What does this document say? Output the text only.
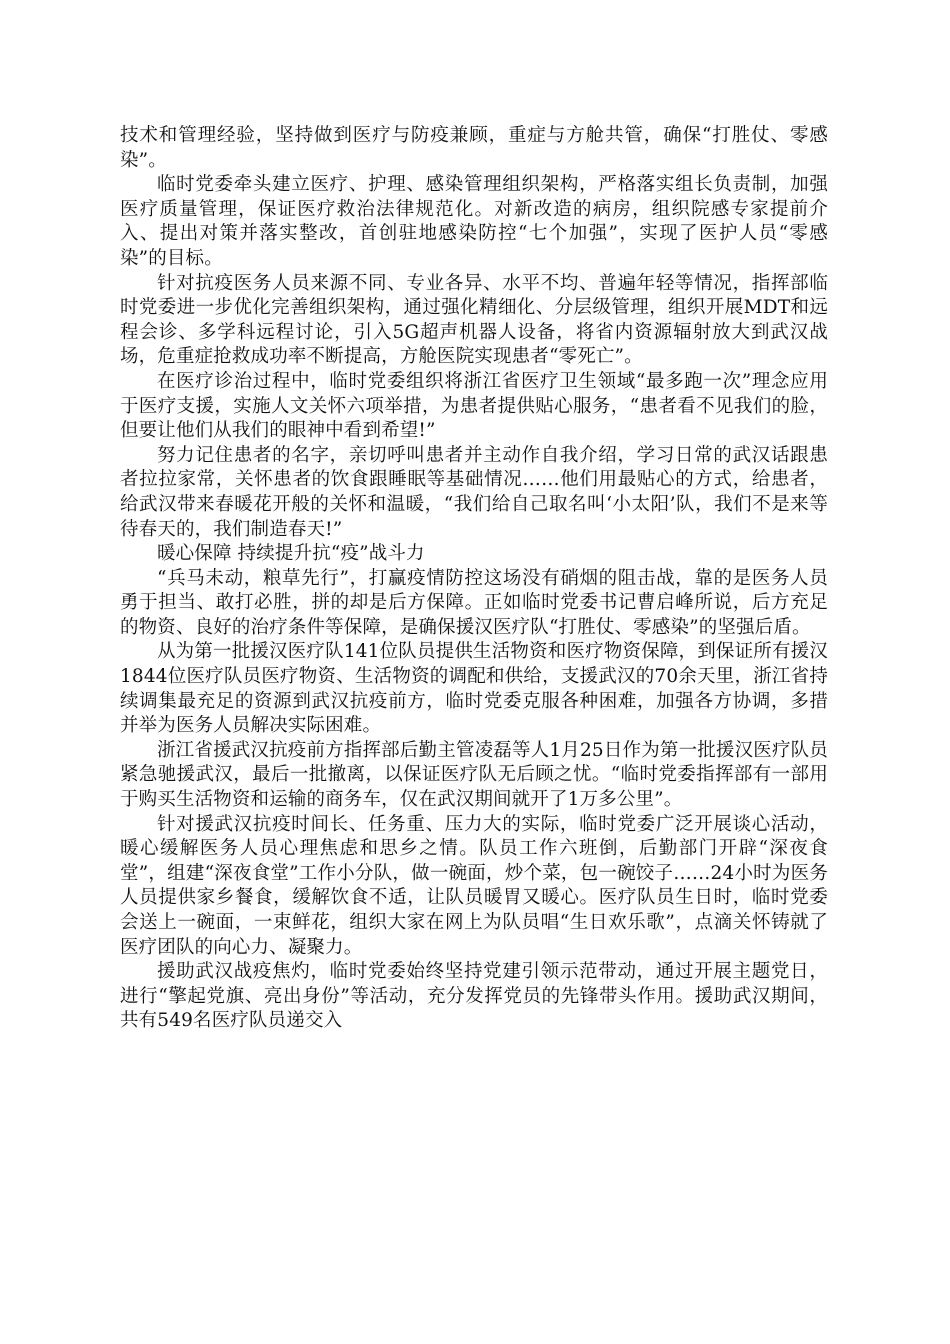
技术和管理经验，坚持做到医疗与防疫兼顾，重症与方舱共管，确保“打胜仗、零感染”。

临时党委牵头建立医疗、护理、感染管理组织架构，严格落实组长负责制，加强医疗质量管理，保证医疗救治法律规范化。对新改造的病房，组织院感专家提前介入、提出对策并落实整改，首创驻地感染防控“七个加强”，实现了医护人员“零感染”的目标。

针对抗疫医务人员来源不同、专业各异、水平不均、普遍年轻等情况，指挥部临时党委进一步优化完善组织架构，通过强化精细化、分层级管理，组织开展MDT和远程会诊、多学科远程讨论，引入5G超声机器人设备，将省内资源辐射放大到武汉战场，危重症抢救成功率不断提高，方舱医院实现患者“零死亡”。

在医疗诊治过程中，临时党委组织将浙江省医疗卫生领域“最多跑一次”理念应用于医疗支援，实施人文关怀六项举措，为患者提供贴心服务，“患者看不见我们的脸，但要让他们从我们的眼神中看到希望!”

努力记住患者的名字，亲切呼叫患者并主动作自我介绍，学习日常的武汉话跟患者拉拉家常，关怀患者的饮食跟睡眠等基础情况……他们用最贴心的方式，给患者，给武汉带来春暖花开般的关怀和温暖，“我们给自己取名叫‘小太阳’队，我们不是来等待春天的，我们制造春天!”

暖心保障 持续提升抗“疫”战斗力

“兵马未动，粮草先行”，打赢疫情防控这场没有硝烟的阻击战，靠的是医务人员勇于担当、敢打必胜，拼的却是后方保障。正如临时党委书记曹启峰所说，后方充足的物资、良好的治疗条件等保障，是确保援汉医疗队“打胜仗、零感染”的坚强后盾。

从为第一批援汉医疗队141位队员提供生活物资和医疗物资保障，到保证所有援汉1844位医疗队员医疗物资、生活物资的调配和供给，支援武汉的70余天里，浙江省持续调集最充足的资源到武汉抗疫前方，临时党委克服各种困难，加强各方协调，多措并举为医务人员解决实际困难。

浙江省援武汉抗疫前方指挥部后勤主管凌磊等人1月25日作为第一批援汉医疗队员紧急驰援武汉，最后一批撤离，以保证医疗队无后顾之忧。“临时党委指挥部有一部用于购买生活物资和运输的商务车，仅在武汉期间就开了1万多公里”。

针对援武汉抗疫时间长、任务重、压力大的实际，临时党委广泛开展谈心活动，暖心缓解医务人员心理焦虑和思乡之情。队员工作六班倒，后勤部门开辟“深夜食堂”，组建“深夜食堂”工作小分队，做一碗面，炒个菜，包一碗饺子……24小时为医务人员提供家乡餐食，缓解饮食不适，让队员暖胃又暖心。医疗队员生日时，临时党委会送上一碗面，一束鲜花，组织大家在网上为队员唱“生日欢乐歌”，点滴关怀铸就了医疗团队的向心力、凝聚力。

援助武汉战疫焦灼，临时党委始终坚持党建引领示范带动，通过开展主题党日，进行“擎起党旗、亮出身份”等活动，充分发挥党员的先锋带头作用。援助武汉期间，共有549名医疗队员递交入
